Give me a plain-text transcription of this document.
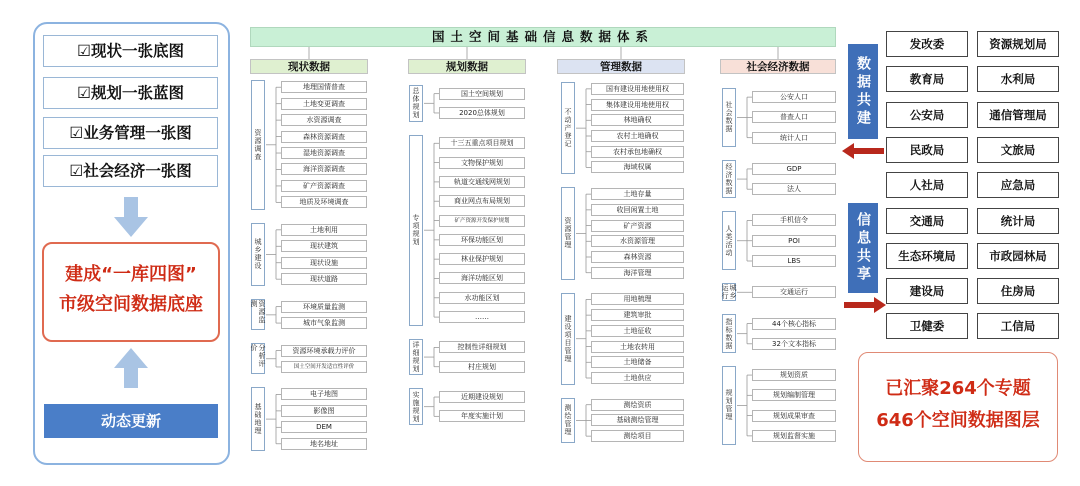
☑现状一张底图
☑规划一张蓝图
☑业务管理一张图
☑社会经济一张图
建成“一库四图”
市级空间数据底座
动态更新
国土空间基础信息数据体系
现状数据
资源调查
地理国情普查
土地变更调查
水资源调查
森林资源调查
湿地资源调查
海洋资源调查
矿产资源调查
地质及环境调查
城乡建设
土地利用
现状建筑
现状设施
现状道路
资源监测	环境质量监测
城市气象监测
分析评价	资源环境承载力评价
国土空间开发适宜性评价
基础地理
电子地图
影像图
DEM
地名地址
规划数据
总体规划	国土空间规划
2020总体规划
专项规划
十三五重点项目规划
文物保护规划
轨道交通线网规划
商业网点布局规划
矿产资源开发保护规划
环保功能区划
林业保护规划
海洋功能区划
水功能区划
……
详细规划	控制性详细规划
村庄规划
实施规划	近期建设规划
年度实施计划
管理数据
不动产登记
国有建设用地使用权
集体建设用地使用权
林地确权
农村土地确权
农村承包地确权
海域权属
资源管理
土地存量
收回闲置土地
矿产资源
水资源管理
森林资源
海洋管理
建设项目管理
用地梳理
建筑审批
土地征收
土地农转用
土地储备
土地供应
测绘管理	测绘资质
基础测绘管理
测绘项目
社会经济数据
社会数据
公安人口
普查人口
统计人口
经济数据	GDP
法人
人类活动
手机信令
POI
LBS
城乡运行	交通运行
指标数据	44个核心指标
32个文本指标
规划管理
规划资质
规划编制管理
规划成果审查
规划监督实施
数据共建
信息共享
发改委	资源规划局
教育局	水利局
公安局	通信管理局
民政局	文旅局
人社局	应急局
交通局	统计局
生态环境局	市政园林局
建设局	住房局
卫健委	工信局
已汇聚264个专题
646个空间数据图层
